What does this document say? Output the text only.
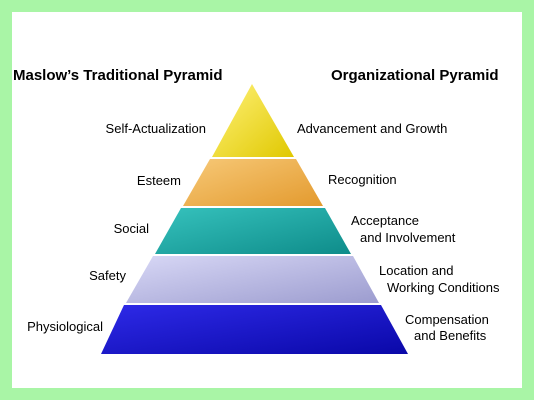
Maslow’s Traditional Pyramid	Organizational Pyramid
Self-Actualization
Esteem
Social
Safety
Physiological
Advancement and Growth
Recognition
Acceptance
and Involvement
Location and
Working Conditions
Compensation
and Benefits
